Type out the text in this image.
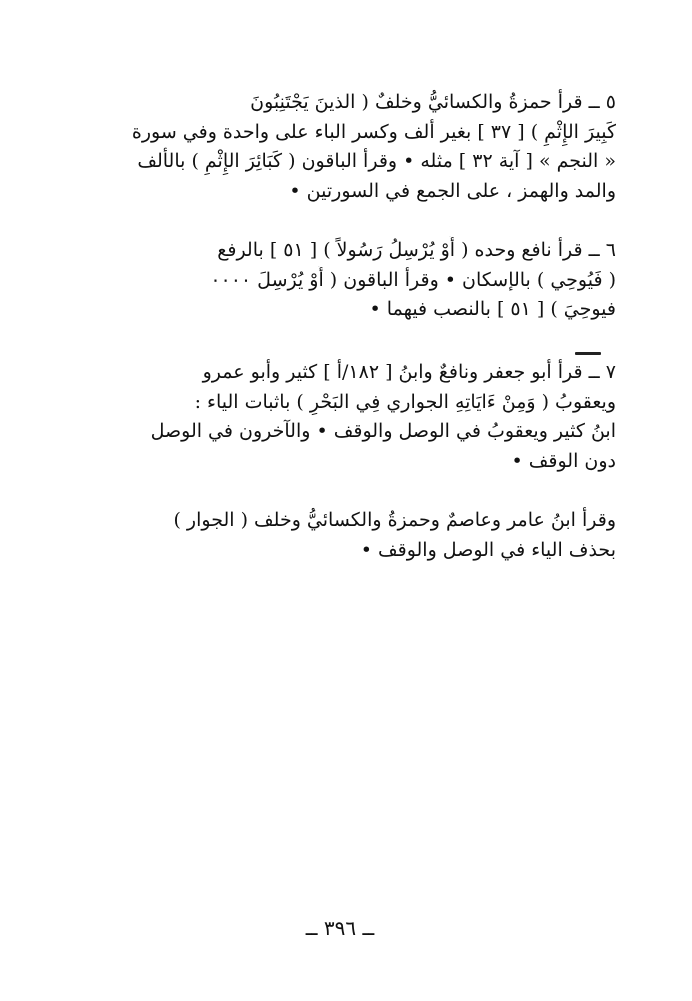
٥ ــ قرأ حمزةُ والكسائيُّ وخلفٌ ( الذينَ يَجْتَنِبُونَ
كَبِيرَ الإِثْمِ ) [ ٣٧ ] بغير ألف وكسر الباء على واحدة وفي سورة
« النجم » [ آية ٣٢ ] مثله • وقرأ الباقون ( كَبَائِرَ الإِثْمِ ) بالألف
والمد والهمز ، على الجمع في السورتين •
٦ ــ قرأ نافع وحده ( أَوْ يُرْسِلُ رَسُولاً ) [ ٥١ ] بالرفع
( فَيُوحِي ) بالإسكان • وقرأ الباقون ( أَوْ يُرْسِلَ ٠٠٠٠
فيوحِيَ ) [ ٥١ ] بالنصب فيهما •
٧ ــ قرأ أبو جعفر ونافعٌ وابنُ [ ١٨٢/أ ] كثير وأبو عمرو
ويعقوبُ ( وَمِنْ ءَايَاتِهِ الجواري فِي البَحْرِ ) باثبات الياء :
ابنُ كثير ويعقوبُ في الوصل والوقف • والآخرون في الوصل
دون الوقف •
وقرأ ابنُ عامر وعاصمٌ وحمزةُ والكسائيُّ وخلف ( الجوار )
بحذف الياء في الوصل والوقف •
ــ ٣٩٦ ــ
